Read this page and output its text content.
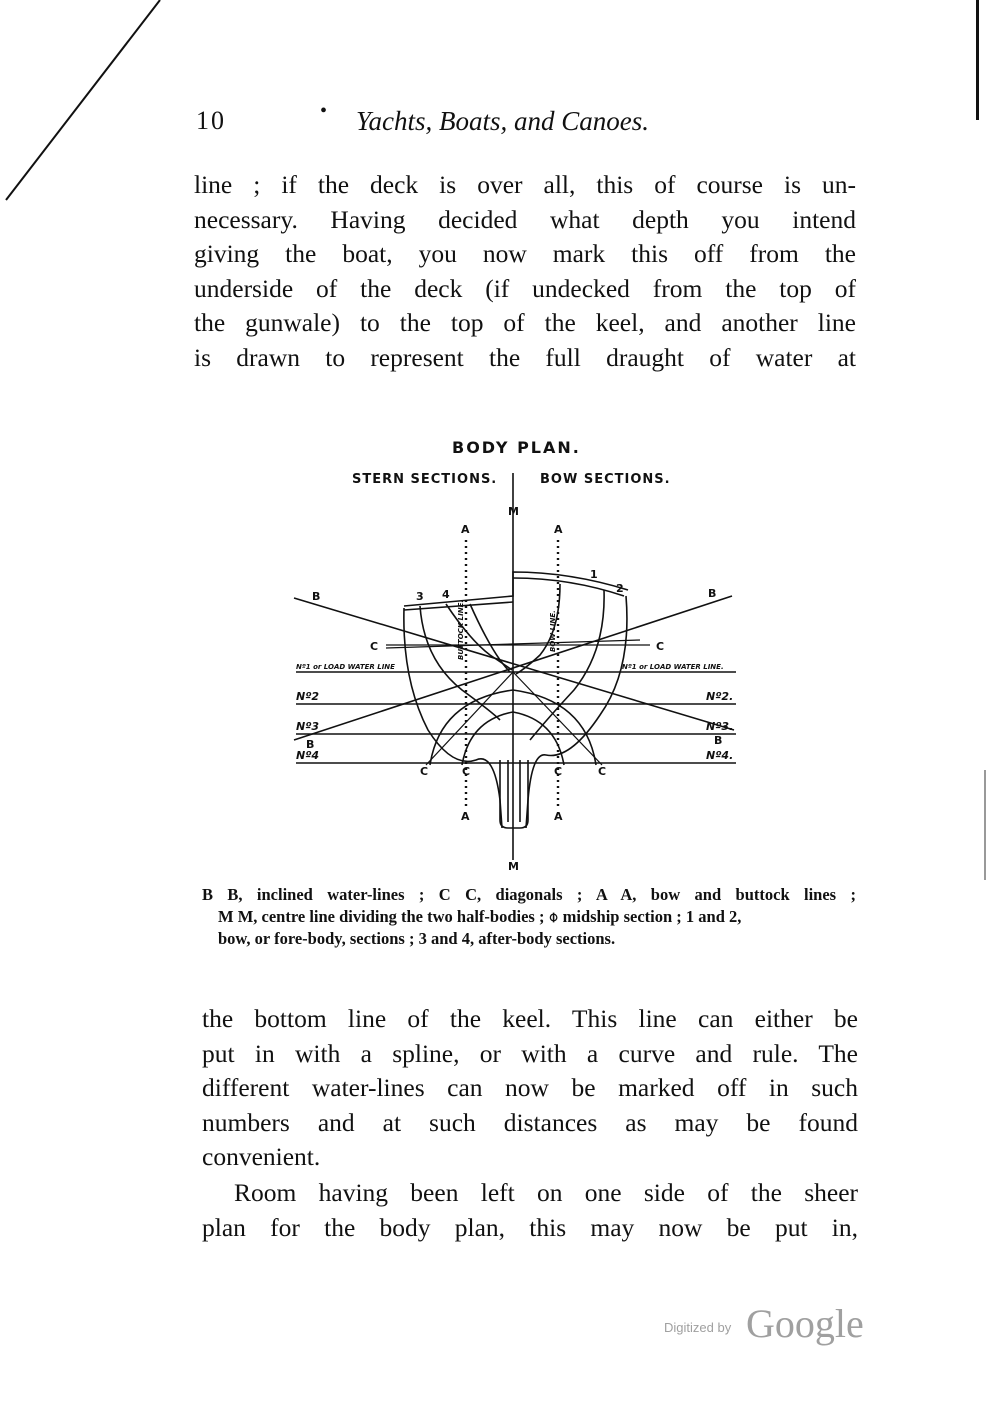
10	• Yachts, Boats, and Canoes.

line ; if the deck is over all, this of course is un-
necessary. Having decided what depth you intend
giving the boat, you now mark this off from the
underside of the deck (if undecked from the top of
the gunwale) to the top of the keel, and another line
is drawn to represent the full draught of water at

BODY PLAN.
STERN SECTIONS.	BOW SECTIONS.
M
M
A	A
A	A
B	B
B	B
C	C
C	C	C	C
3 4
1
2
Nº2	Nº2.
Nº3	Nº3.
Nº4	Nº4.
Nº1 or LOAD WATER LINE	Nº1 or LOAD WATER LINE.
BUTTOCK LINE.	BOW LINE.

B B, inclined water-lines ; C C, diagonals ; A A, bow and buttock lines ;
M M, centre line dividing the two half-bodies ; ⌽ midship section ; 1 and 2,
bow, or fore-body, sections ; 3 and 4, after-body sections.

the bottom line of the keel. This line can either be
put in with a spline, or with a curve and rule. The
different water-lines can now be marked off in such
numbers and at such distances as may be found
convenient.

Room having been left on one side of the sheer
plan for the body plan, this may now be put in,

Digitized by Google
